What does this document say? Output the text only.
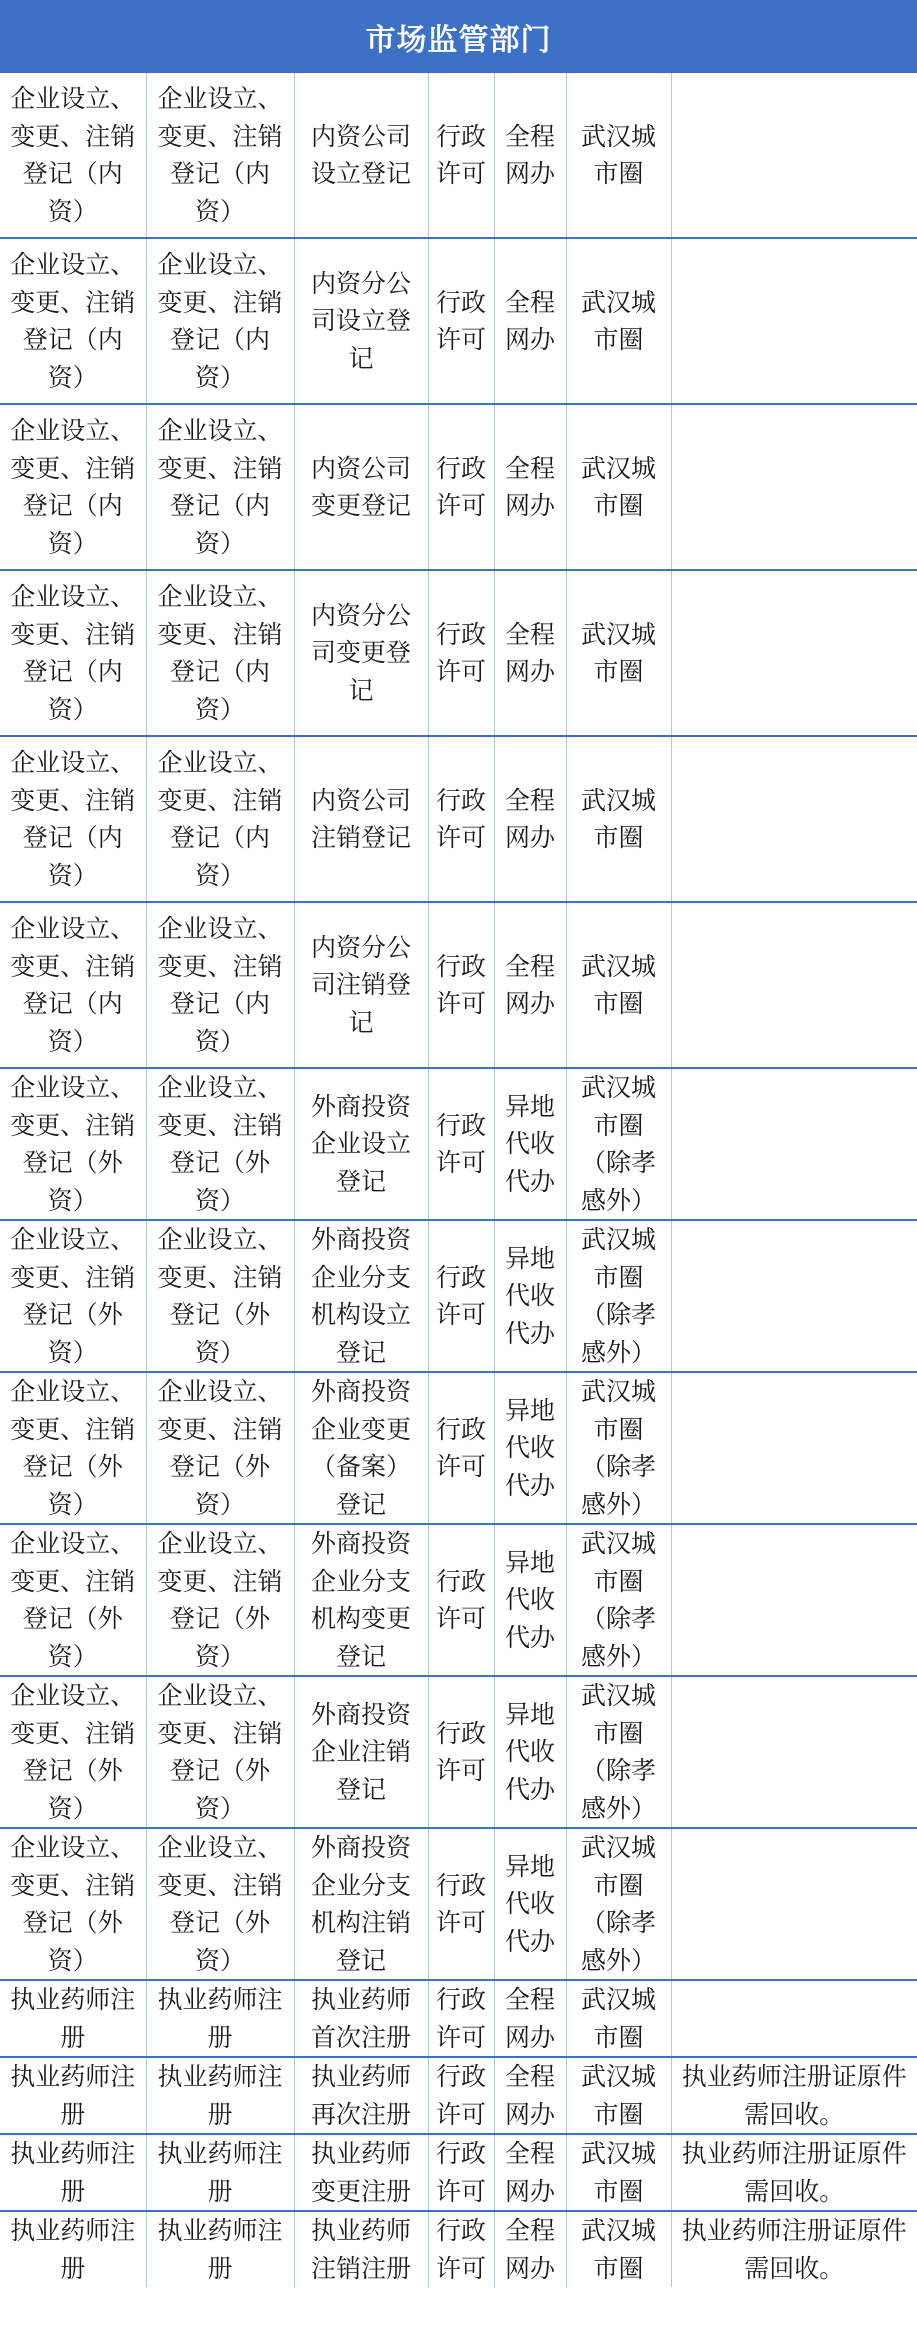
市场监管部门
企业设立、变更、注销登记（内资）	企业设立、变更、注销登记（内资）	内资公司设立登记	行政许可	全程网办	武汉城市圈	
企业设立、变更、注销登记（内资）	企业设立、变更、注销登记（内资）	内资分公司设立登记	行政许可	全程网办	武汉城市圈	
企业设立、变更、注销登记（内资）	企业设立、变更、注销登记（内资）	内资公司变更登记	行政许可	全程网办	武汉城市圈	
企业设立、变更、注销登记（内资）	企业设立、变更、注销登记（内资）	内资分公司变更登记	行政许可	全程网办	武汉城市圈	
企业设立、变更、注销登记（内资）	企业设立、变更、注销登记（内资）	内资公司注销登记	行政许可	全程网办	武汉城市圈	
企业设立、变更、注销登记（内资）	企业设立、变更、注销登记（内资）	内资分公司注销登记	行政许可	全程网办	武汉城市圈	
企业设立、变更、注销登记（外资）	企业设立、变更、注销登记（外资）	外商投资企业设立登记	行政许可	异地代收代办	武汉城市圈（除孝感外）	
企业设立、变更、注销登记（外资）	企业设立、变更、注销登记（外资）	外商投资企业分支机构设立登记	行政许可	异地代收代办	武汉城市圈（除孝感外）	
企业设立、变更、注销登记（外资）	企业设立、变更、注销登记（外资）	外商投资企业变更（备案）登记	行政许可	异地代收代办	武汉城市圈（除孝感外）	
企业设立、变更、注销登记（外资）	企业设立、变更、注销登记（外资）	外商投资企业分支机构变更登记	行政许可	异地代收代办	武汉城市圈（除孝感外）	
企业设立、变更、注销登记（外资）	企业设立、变更、注销登记（外资）	外商投资企业注销登记	行政许可	异地代收代办	武汉城市圈（除孝感外）	
企业设立、变更、注销登记（外资）	企业设立、变更、注销登记（外资）	外商投资企业分支机构注销登记	行政许可	异地代收代办	武汉城市圈（除孝感外）	
执业药师注册	执业药师注册	执业药师首次注册	行政许可	全程网办	武汉城市圈	
执业药师注册	执业药师注册	执业药师再次注册	行政许可	全程网办	武汉城市圈	执业药师注册证原件需回收。
执业药师注册	执业药师注册	执业药师变更注册	行政许可	全程网办	武汉城市圈	执业药师注册证原件需回收。
执业药师注册	执业药师注册	执业药师注销注册	行政许可	全程网办	武汉城市圈	执业药师注册证原件需回收。
